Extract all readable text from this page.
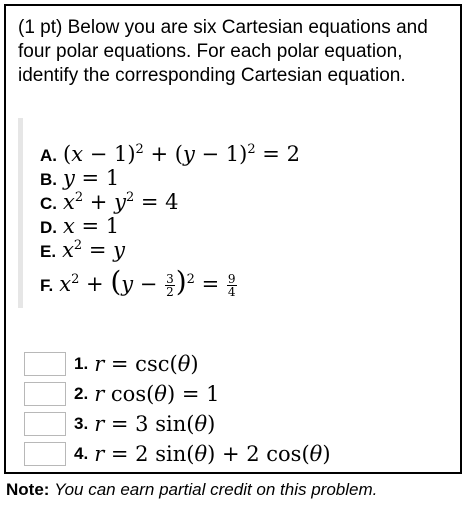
(1 pt) Below you are six Cartesian equations and four polar equations. For each polar equation, identify the corresponding Cartesian equation.
A. $(x - 1)^2 + (y - 1)^2 = 2$
B. y = 1
C. $x^2 + y^2 = 4$
D. x = 1
E. $x^2 = y$
F. $x^2 + (y - \frac{3}{2} )^2 = \frac{9}{4}$
1. r = csc(θ)
2. r cos(θ) = 1
3. r = 3 sin(θ)
4. r = 2 sin(θ) + 2 cos(θ)
Note: You can earn partial credit on this problem.
